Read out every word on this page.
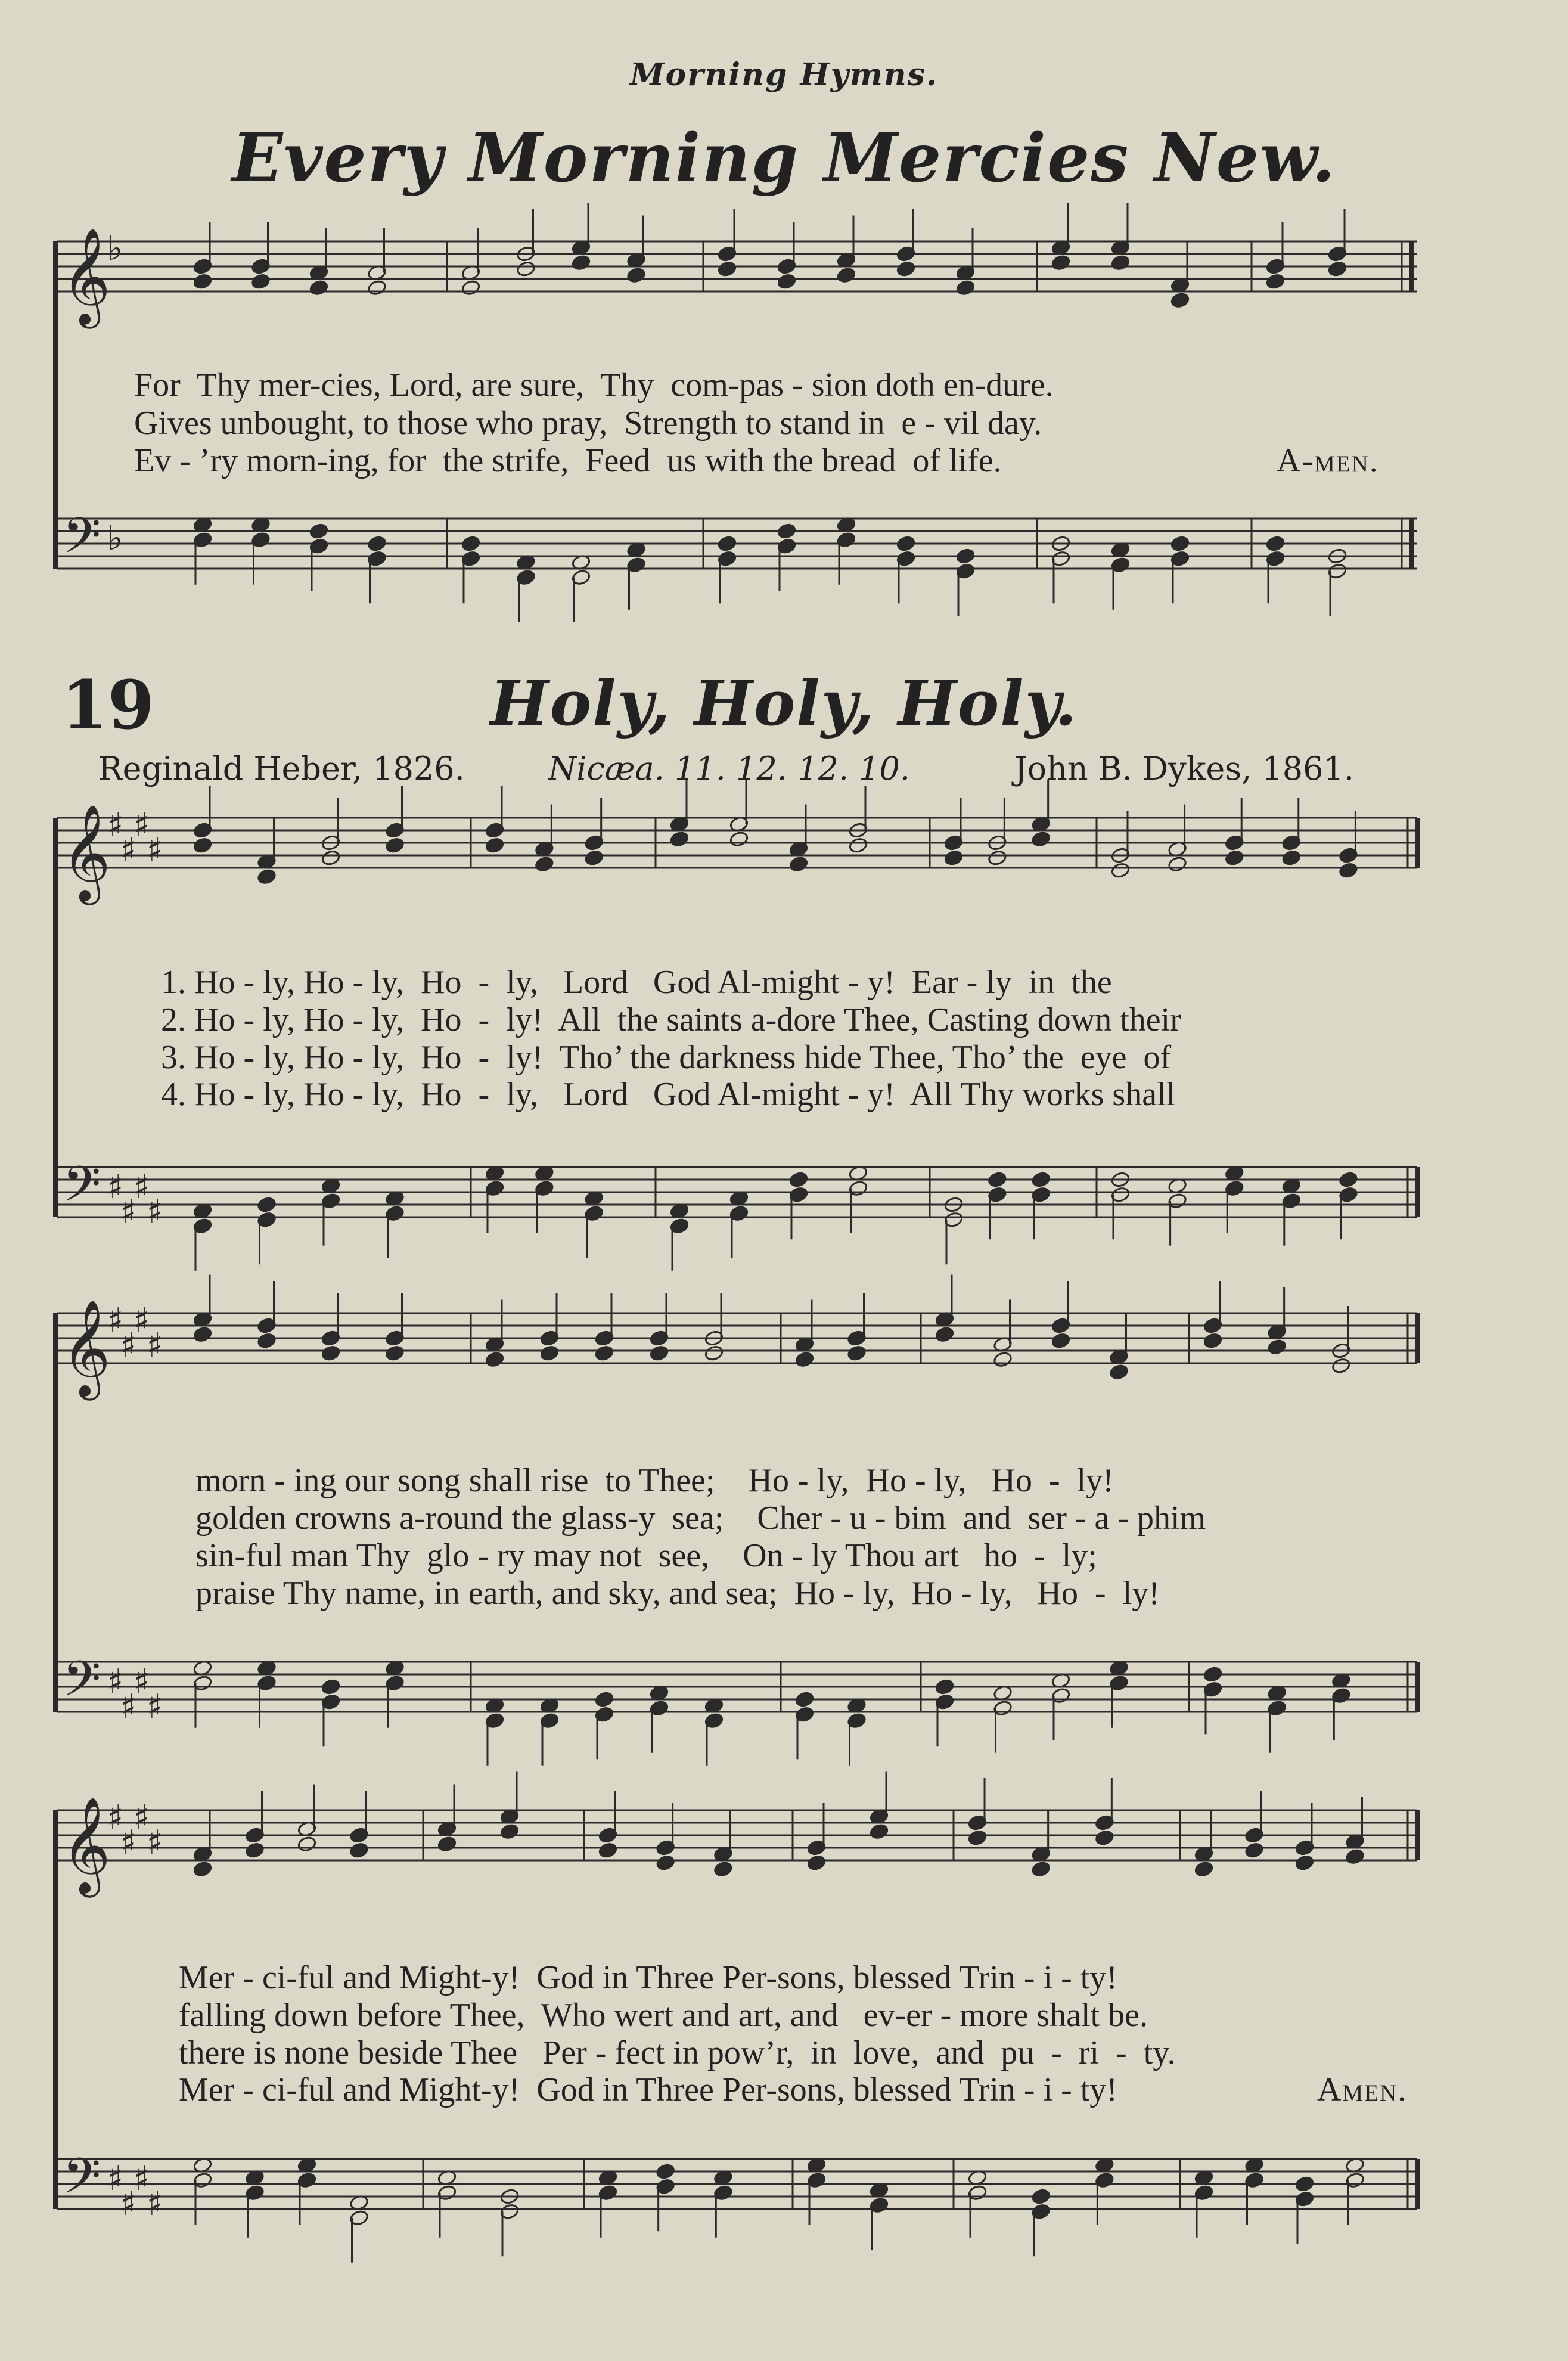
𝄞
𝄢
♭
♭
𝄞
𝄢
♯
♯
♯
♯
♯
♯
♯
♯
𝄞
𝄢
♯
♯
♯
♯
♯
♯
♯
♯
𝄞
𝄢
♯
♯
♯
♯
♯
♯
♯
♯
Morning Hymns.
Every Morning Mercies New.
For  Thy mer-cies, Lord, are sure,  Thy  com-pas - sion doth en-dure.
Gives unbought, to those who pray,  Strength to stand in  e - vil day.
Ev - ’ry morn-ing, for  the strife,  Feed  us with the bread  of life.	A-men.
19	Holy, Holy, Holy.
Reginald Heber, 1826.	Nicæa. 11. 12. 12. 10.	John B. Dykes, 1861.
1. Ho - ly, Ho - ly,  Ho  -  ly,   Lord   God Al-might - y!  Ear - ly  in  the
2. Ho - ly, Ho - ly,  Ho  -  ly!  All  the saints a-dore Thee, Casting down their
3. Ho - ly, Ho - ly,  Ho  -  ly!  Tho’ the darkness hide Thee, Tho’ the  eye  of
4. Ho - ly, Ho - ly,  Ho  -  ly,   Lord   God Al-might - y!  All Thy works shall
morn - ing our song shall rise  to Thee;    Ho - ly,  Ho - ly,   Ho  -  ly!
golden crowns a-round the glass-y  sea;    Cher - u - bim  and  ser - a - phim
sin-ful man Thy  glo - ry may not  see,    On - ly Thou art   ho  -  ly;
praise Thy name, in earth, and sky, and sea;  Ho - ly,  Ho - ly,   Ho  -  ly!
Mer - ci-ful and Might-y!  God in Three Per-sons, blessed Trin - i - ty!
falling down before Thee,  Who wert and art, and   ev-er - more shalt be.
there is none beside Thee   Per - fect in pow’r,  in  love,  and  pu  -  ri  -  ty.
Mer - ci-ful and Might-y!  God in Three Per-sons, blessed Trin - i - ty!	Amen.
